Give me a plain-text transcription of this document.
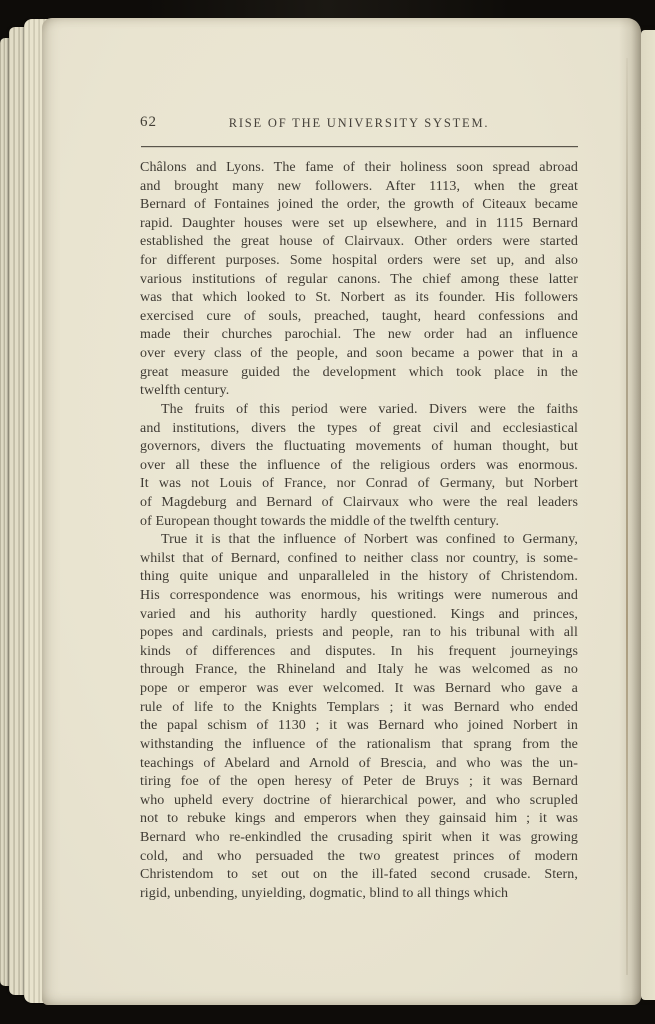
62	RISE OF THE UNIVERSITY SYSTEM.
Châlons and Lyons. The fame of their holiness soon spread abroad
and brought many new followers. After 1113, when the great
Bernard of Fontaines joined the order, the growth of Citeaux became
rapid. Daughter houses were set up elsewhere, and in 1115 Bernard
established the great house of Clairvaux. Other orders were started
for different purposes. Some hospital orders were set up, and also
various institutions of regular canons. The chief among these latter
was that which looked to St. Norbert as its founder. His followers
exercised cure of souls, preached, taught, heard confessions and
made their churches parochial. The new order had an influence
over every class of the people, and soon became a power that in a
great measure guided the development which took place in the
twelfth century.
The fruits of this period were varied. Divers were the faiths
and institutions, divers the types of great civil and ecclesiastical
governors, divers the fluctuating movements of human thought, but
over all these the influence of the religious orders was enormous.
It was not Louis of France, nor Conrad of Germany, but Norbert
of Magdeburg and Bernard of Clairvaux who were the real leaders
of European thought towards the middle of the twelfth century.
True it is that the influence of Norbert was confined to Germany,
whilst that of Bernard, confined to neither class nor country, is some-
thing quite unique and unparalleled in the history of Christendom.
His correspondence was enormous, his writings were numerous and
varied and his authority hardly questioned. Kings and princes,
popes and cardinals, priests and people, ran to his tribunal with all
kinds of differences and disputes. In his frequent journeyings
through France, the Rhineland and Italy he was welcomed as no
pope or emperor was ever welcomed. It was Bernard who gave a
rule of life to the Knights Templars ; it was Bernard who ended
the papal schism of 1130 ; it was Bernard who joined Norbert in
withstanding the influence of the rationalism that sprang from the
teachings of Abelard and Arnold of Brescia, and who was the un-
tiring foe of the open heresy of Peter de Bruys ; it was Bernard
who upheld every doctrine of hierarchical power, and who scrupled
not to rebuke kings and emperors when they gainsaid him ; it was
Bernard who re-enkindled the crusading spirit when it was growing
cold, and who persuaded the two greatest princes of modern
Christendom to set out on the ill-fated second crusade. Stern,
rigid, unbending, unyielding, dogmatic, blind to all things which
